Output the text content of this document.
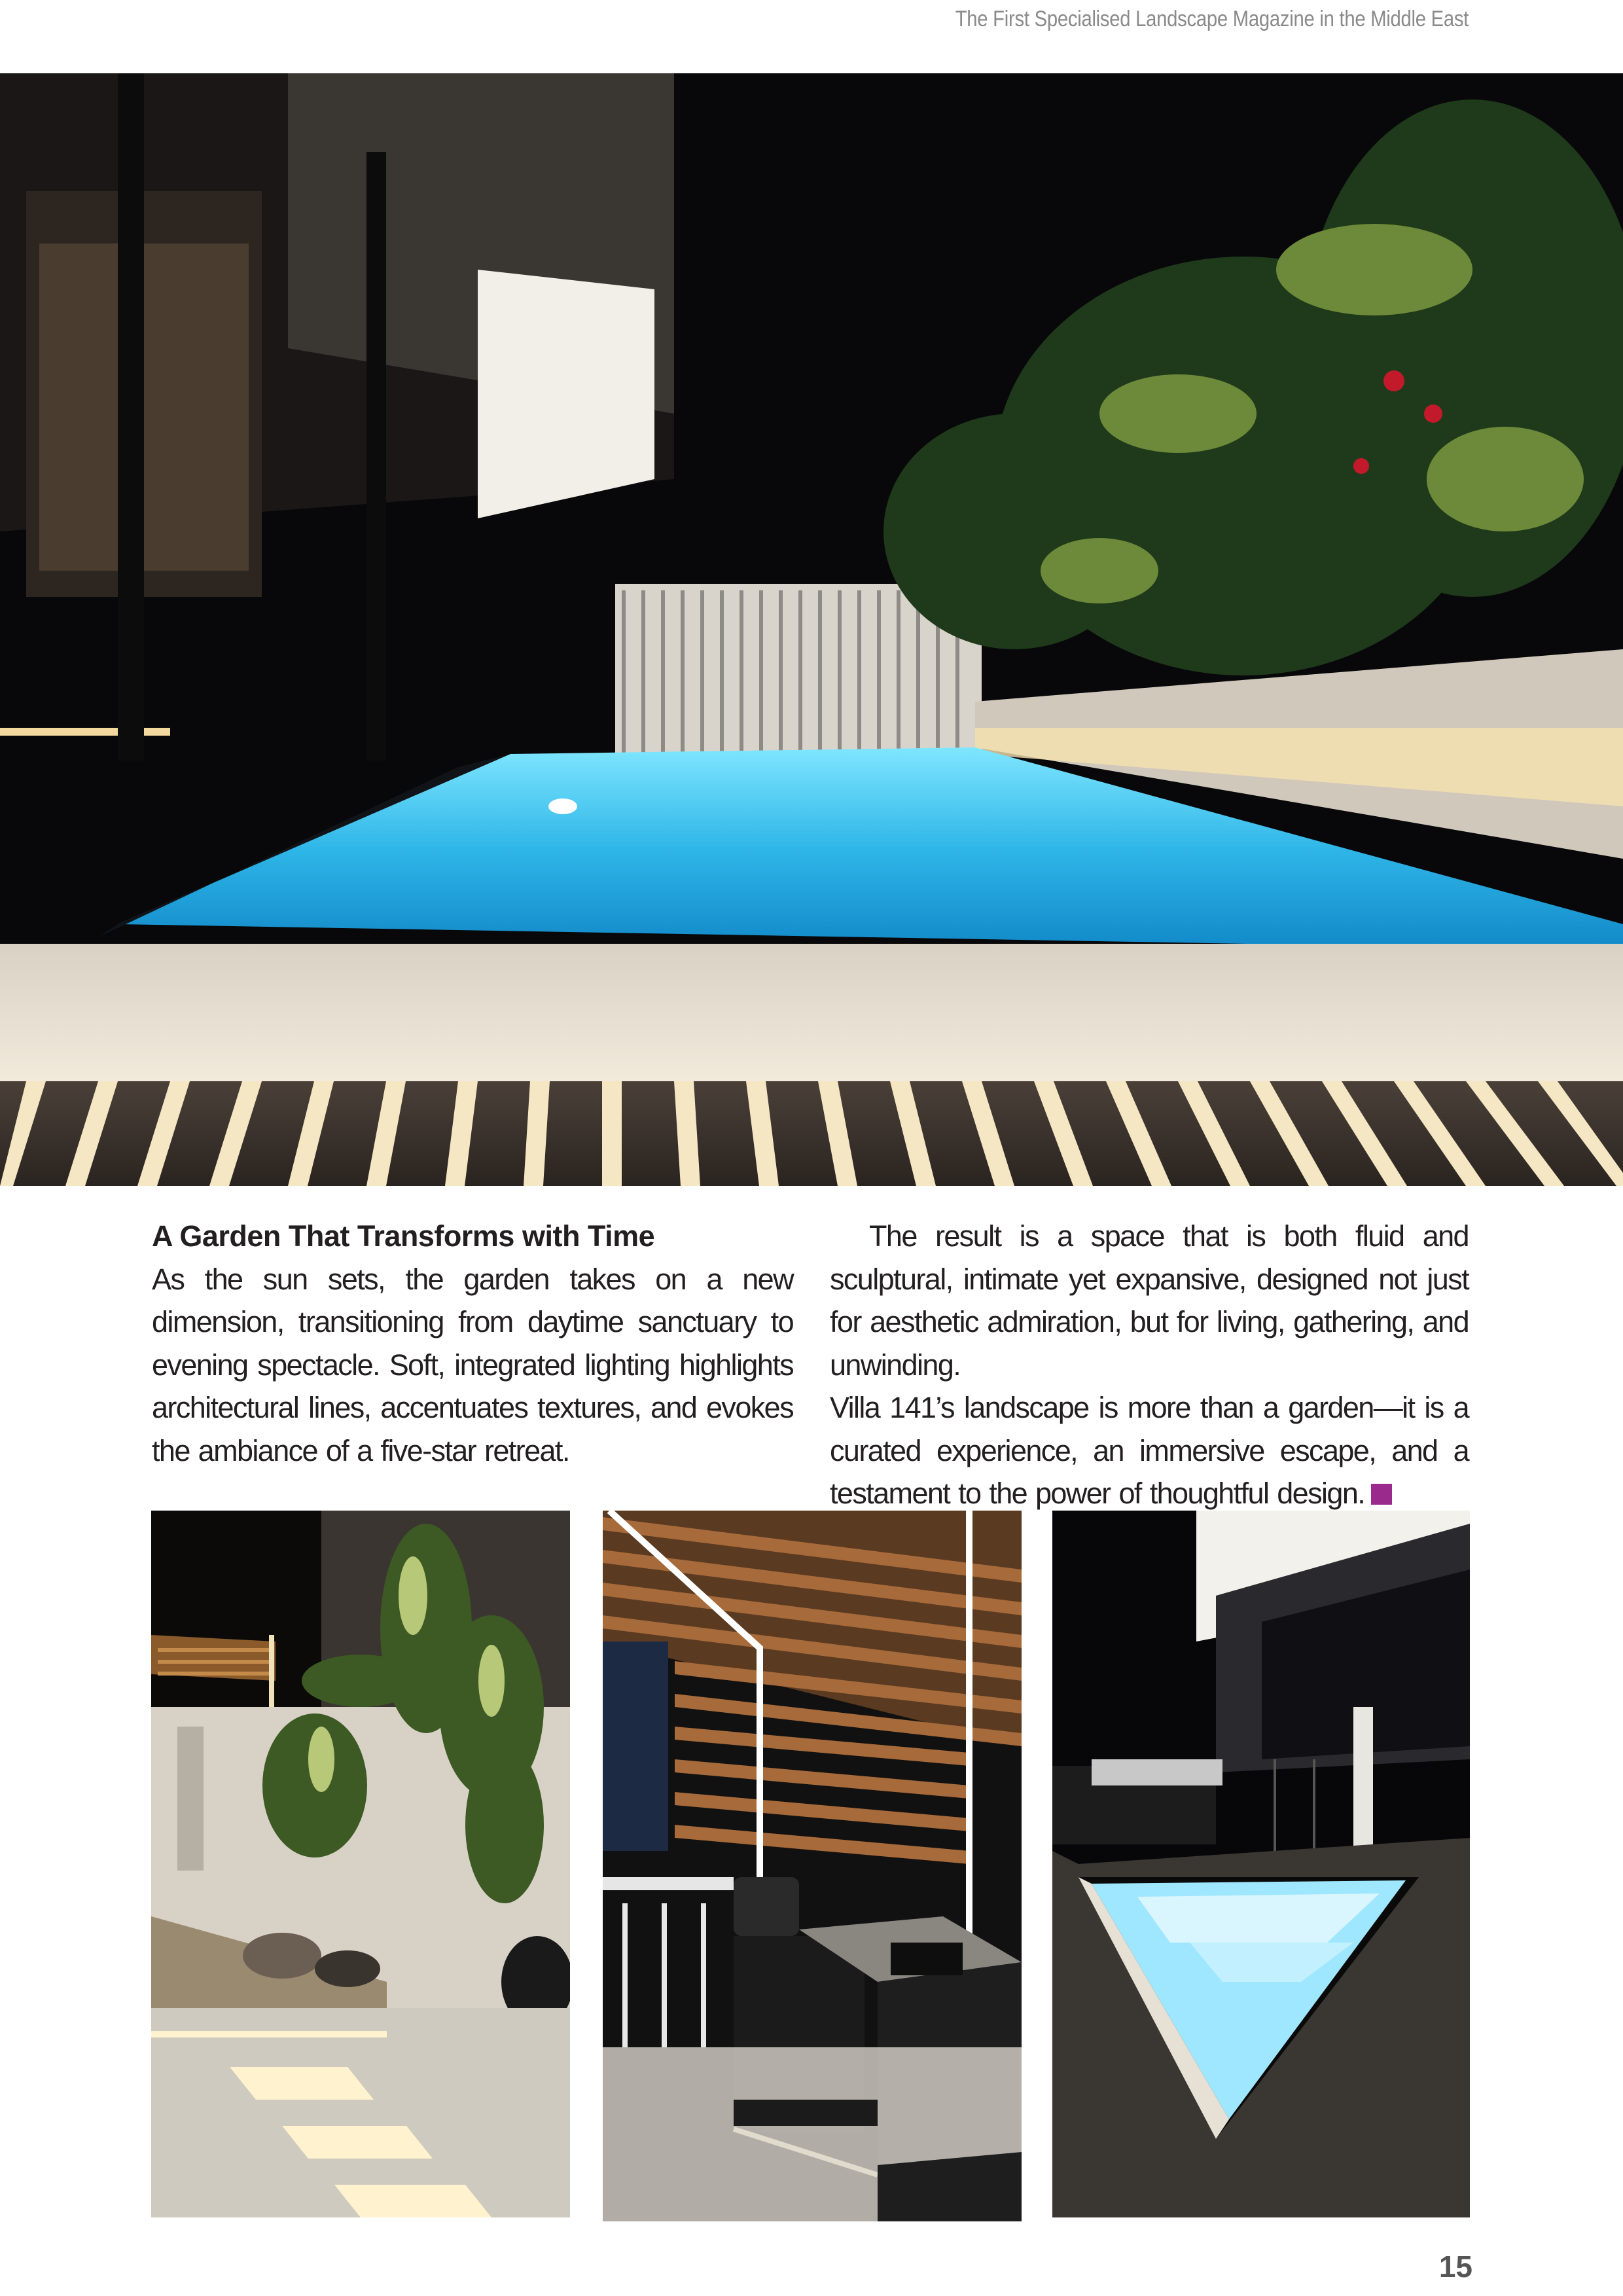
The First Specialised Landscape Magazine in the Middle East

A Garden That Transforms with Time

As the sun sets, the garden takes on a new dimension, transitioning from daytime sanctuary to evening spectacle. Soft, integrated lighting highlights architectural lines, accentuates textures, and evokes the ambiance of a five-star retreat.

The result is a space that is both fluid and sculptural, intimate yet expansive, designed not just for aesthetic admiration, but for living, gathering, and unwinding.

Villa 141’s landscape is more than a garden—it is a curated experience, an immersive escape, and a testament to the power of thoughtful design.

15
